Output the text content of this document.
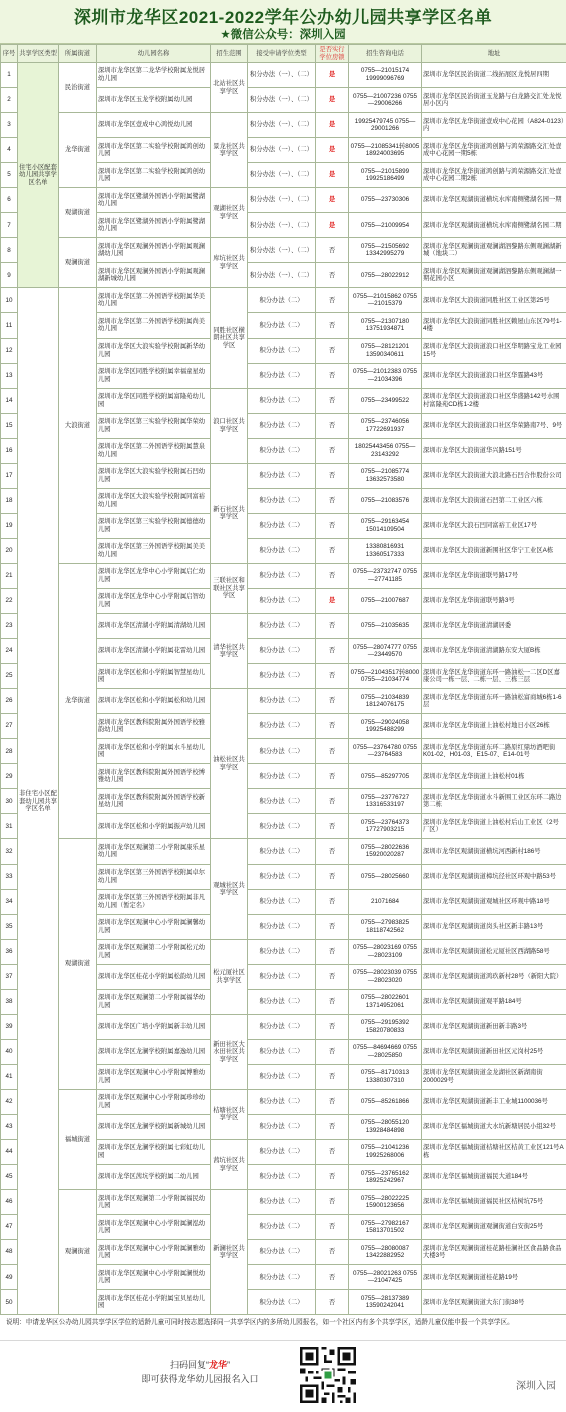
深圳市龙华区2021-2022学年公办幼儿园共享学区名单
★微信公众号：深圳入园
序号	共享学区类型	所属街道	幼儿园名称	招生范围	接受申请学位类型	是否实行学位房锁	招生咨询电话	地址
1	住宅小区配套幼儿园共享学区名单	民治街道	深圳市龙华区第二龙华学校附属龙悦居幼儿园	北站社区共享学区	积分办法（一）、（二）	是	0755—21015174 19999096769	深圳市龙华区民治街道二线拓展区龙悦居四期
2			深圳市龙华区玉龙学校附属幼儿园		积分办法（一）、（二）	是	0755—21007236 0755—29006266	深圳市龙华区民治街道玉龙路与白龙路交汇处龙悦居小区内
3		龙华街道	深圳市龙华区壹成中心鸿悦幼儿园	景龙社区共享学区	积分办法（一）、（二）	是	19925479745 0755—29001266	深圳市龙华区龙华街道壹成中心花园（A824-0123）内
4			深圳市龙华区第二实验学校附属鸿创幼儿园		积分办法（一）、（二）	是	0755—21085341转8005 18924003695	深圳市龙华区龙华街道鸿创路与鸿荣源路交汇处壹成中心花园一期5栋
5			深圳市龙华区第二实验学校附属鸿创幼儿园		积分办法（一）、（二）	是	0755—21015899 19925186499	深圳市龙华区龙华街道鸿创路与鸿荣源路交汇处壹成中心花园二期2栋
6		观湖街道	深圳市龙华区鹭湖外国语小学附属鹭湖幼儿园	观湖社区共享学区	积分办法（一）、（二）	是	0755—23730306	深圳市龙华区观湖街道横坑水库南侧鹭湖名园一期
7			深圳市龙华区鹭湖外国语小学附属鹭湖幼儿园		积分办法（一）、（二）	是	0755—21009954	深圳市龙华区观湖街道横坑水库南侧鹭湖名园二期
8		观澜街道	深圳市龙华区观澜外国语小学附属观澜湖幼儿园	库坑社区共享学区	积分办法（一）、（二）	否	0755—21505692 13342995279	深圳市龙华区观澜街道观澜湖泗黎路东侧观澜湖新城（地块二）
9			深圳市龙华区观澜外国语小学附属观澜湖新城幼儿园		积分办法（一）、（二）	否	0755—28022912	深圳市龙华区观澜街道观澜湖泗黎路东侧观澜湖一期花园小区
10	非住宅小区配套幼儿园共享学区名单	大浪街道	深圳市龙华区第二外国语学校附属华美幼儿园	同胜社区横朗社区共享学区	积分办法（二）	否	0755—21015862 0755—21015379	深圳市龙华区大浪街道同胜社区工业区第25号
11			深圳市龙华区第二外国语学校附属尚美幼儿园		积分办法（二）	否	0755—21307180 13751934871	深圳市龙华区大浪街道同胜社区赖屋山东区79号1-4楼
12			深圳市龙华区大浪实验学校附属新华幼儿园		积分办法（二）	否	0755—28121201 13590340611	深圳市龙华区大浪街道浪口社区华明路宝龙工业园15号
13			深圳市龙华区同胜学校附属幸福童星幼儿园		积分办法（二）	否	0755—21012383 0755—21034396	深圳市龙华区大浪街道浪口社区华霆路43号
14			深圳市龙华区同胜学校附属富隆苑幼儿园	浪口社区共享学区	积分办法（二）	否	0755—23499522	深圳市龙华区大浪街道浪口社区华盛路142号水围村富隆苑CD栋1-2楼
15			深圳市龙华区第三实验学校附属华荣幼儿园		积分办法（二）	否	0755—23746056 17722691937	深圳市龙华区大浪街道浪口社区华荣路南7号、9号
16			深圳市龙华区第二外国语学校附属慧泉幼儿园		积分办法（二）	否	18025443456 0755—23143292	深圳市龙华区大浪街道华兴路151号
17			深圳市龙华区大浪实验学校附属石凹幼儿园	新石社区共享学区	积分办法（二）	否	0755—21085774 13632573580	深圳市龙华区大浪街道大浪北路石凹合作股份公司
18			深圳市龙华区大浪实验学校附属同富裕幼儿园		积分办法（二）	否	0755—21083576	深圳市龙华区大浪街道石凹第二工业区六栋
19			深圳市龙华区第三实验学校附属德德幼儿园		积分办法（二）	否	0755—29163454 15014109504	深圳市龙华区大浪石凹同富裕工业区17号
20			深圳市龙华区第三外国语学校附属美美幼儿园		积分办法（二）	否	13380816931 13360517333	深圳市龙华区大浪街道新围社区华宁工业区A栋
21		龙华街道	深圳市龙华区龙华中心小学附属启仁幼儿园	三联社区和联社区共享学区	积分办法（二）	否	0755—23732747 0755—27741185	深圳市龙华区龙华街道联号路17号
22			深圳市龙华区龙华中心小学附属启智幼儿园		积分办法（二）	是	0755—21007687	深圳市龙华区龙华街道联号路3号
23			深圳市龙华区清湖小学附属清湖幼儿园	清华社区共享学区	积分办法（二）	否	0755—21035635	深圳市龙华区龙华街道清湖居委
24			深圳市龙华区清湖小学附属花雷幼儿园		积分办法（二）	否	0755—28074777 0755—23449570	深圳市龙华区龙华街道清湖路东安大厦B栋
25			深圳市龙华区松和小学附属智慧星幼儿园		积分办法（二）	否	0755—21043517转8000 0755—21034774	深圳市龙华区龙华街道东环一路油松一二区D区嘉康公司一栋一层、二栋一层、三栋三层
26			深圳市龙华区松和小学附属松和幼儿园	油松社区共享学区	积分办法（二）	否	0755—21034839 18124076175	深圳市龙华区龙华街道东环一路油松富商城6栋1-6层
27			深圳市龙华区教科院附属外国语学校雅韵幼儿园		积分办法（二）	否	0755—29024058 19925488299	深圳市龙华区龙华街道上油松村地日小区26栋
28			深圳市龙华区松和小学附属水斗星幼儿园		积分办法（二）	否	0755—23764780 0755—23764583	深圳市龙华区龙华街道东环二路原红鼎坊酒吧街K01-02、H01-03、E15-07、E14-01号
29			深圳市龙华区教科院附属外国语学校博雅幼儿园		积分办法（二）	否	0755—85297705	深圳市龙华区龙华街道上油松村01栋
30			深圳市龙华区教科院附属外国语学校新星幼儿园		积分办法（二）	否	0755—23776727 13316533197	深圳市龙华区龙华街道水斗新围工业区东环二路边第二栋
31			深圳市龙华区松和小学附属振声幼儿园		积分办法（二）	否	0755—23764373 17727903215	深圳市龙华区龙华街道上油松村后山工业区（2号厂区）
32		观湖街道	深圳市龙华区观澜第二小学附属康乐星幼儿园	观城社区共享学区	积分办法（二）	否	0755—28022636 15920020287	深圳市龙华区观湖街道横坑河西新村186号
33			深圳市龙华区第三外国语学校附属卓尔幼儿园		积分办法（二）	否	0755—28025660	深圳市龙华区观湖街道樟坑径社区环观中路53号
34			深圳市龙华区第三外国语学校附属非凡幼儿园（暂定名）		积分办法（二）	否	21071684	深圳市龙华区观湖街道观城社区环观中路18号
35			深圳市龙华区观澜中心小学附属澜馨幼儿园		积分办法（二）	否	0755—27983825 18118742562	深圳市龙华区观湖街道岗头社区新丰路13号
36			深圳市龙华区观澜第二小学附属松元幼儿园	松元厦社区共享学区	积分办法（二）	否	0755—28023169 0755—28023109	深圳市龙华区观湖街道松元厦社区西湖路58号
37			深圳市龙华区桂花小学附属松韵幼儿园		积分办法（二）	否	0755—28023039 0755—28023020	深圳市龙华区观湖街道鸿玖新村28号（新阳大院）
38			深圳市龙华区观澜第二小学附属福华幼儿园		积分办法（二）	否	0755—28022601 13714952061	深圳市龙华区观湖街道观平路184号
39			深圳市龙华区广培小学附属新丰幼儿园	新田社区大水田社区共享学区	积分办法（二）	否	0755—29195392 15820780833	深圳市龙华区观湖街道新田新丰路3号
40			深圳市龙华区龙澜学校附属嘉逸幼儿园		积分办法（二）	否	0755—84694669 0755—28025850	深圳市龙华区观湖街道新田社区元岗村25号
41			深圳市龙华区观澜中心小学附属博雅幼儿园		积分办法（二）	否	0755—81710313 13380307310	深圳市龙华区观湖街道金龙湖社区新湖南街2000029号
42		福城街道	深圳市龙华区观澜中心小学附属珍珍幼儿园	桔塘社区共享学区	积分办法（二）	否	0755—85261866	深圳市龙华区观湖街道新丰工业城1100036号
43			深圳市龙华区龙澜学校附属新城幼儿园		积分办法（二）	否	0755—28055120 13928484898	深圳市龙华区福城街道大水坑新塘居民小组32号
44			深圳市龙华区龙澜学校附属七彩虹幼儿园	茜坑社区共享学区	积分办法（二）	否	0755—21041236 19925268006	深圳市龙华区福城街道桔塘社区桔黄工业区121号A栋
45			深圳市龙华区茜坑学校附属二幼儿园		积分办法（二）	否	0755—23765162 18925242967	深圳市龙华区福城街道福民大道184号
46		观澜街道	深圳市龙华区观澜第二小学附属福民幼儿园	新澜社区共享学区	积分办法（二）	否	0755—28022225 15900123656	深圳市龙华区福城街道福民社区桔树坑75号
47			深圳市龙华区观澜中心小学附属澜泓幼儿园		积分办法（二）	否	0755—27982167 15813701502	深圳市龙华区观澜街道观澜街道白安街25号
48			深圳市龙华区观澜中心小学附属澜雅幼儿园		积分办法（二）	否	0755—28080087 13422882952	深圳市龙华区观澜街道桂花路桂澜社区食品路食品大楼3号
49			深圳市龙华区观澜中心小学附属澜悦幼儿园		积分办法（二）	否	0755—28021263 0755—21047425	深圳市龙华区观澜街道桂花路19号
50			深圳市龙华区桂花小学附属宝贝星幼儿园		积分办法（二）	否	0755—28137389 13590242041	深圳市龙华区观澜街道大东门街38号
说明：申请龙华区公办幼儿园共享学区学位的适龄儿童可同时按志愿选择同一共享学区内的多所幼儿园报名，如一个社区内有多个共享学区，适龄儿童仅能申报一个共享学区。
扫码回复“龙华”
即可获得龙华幼儿园报名入口
深圳入园
